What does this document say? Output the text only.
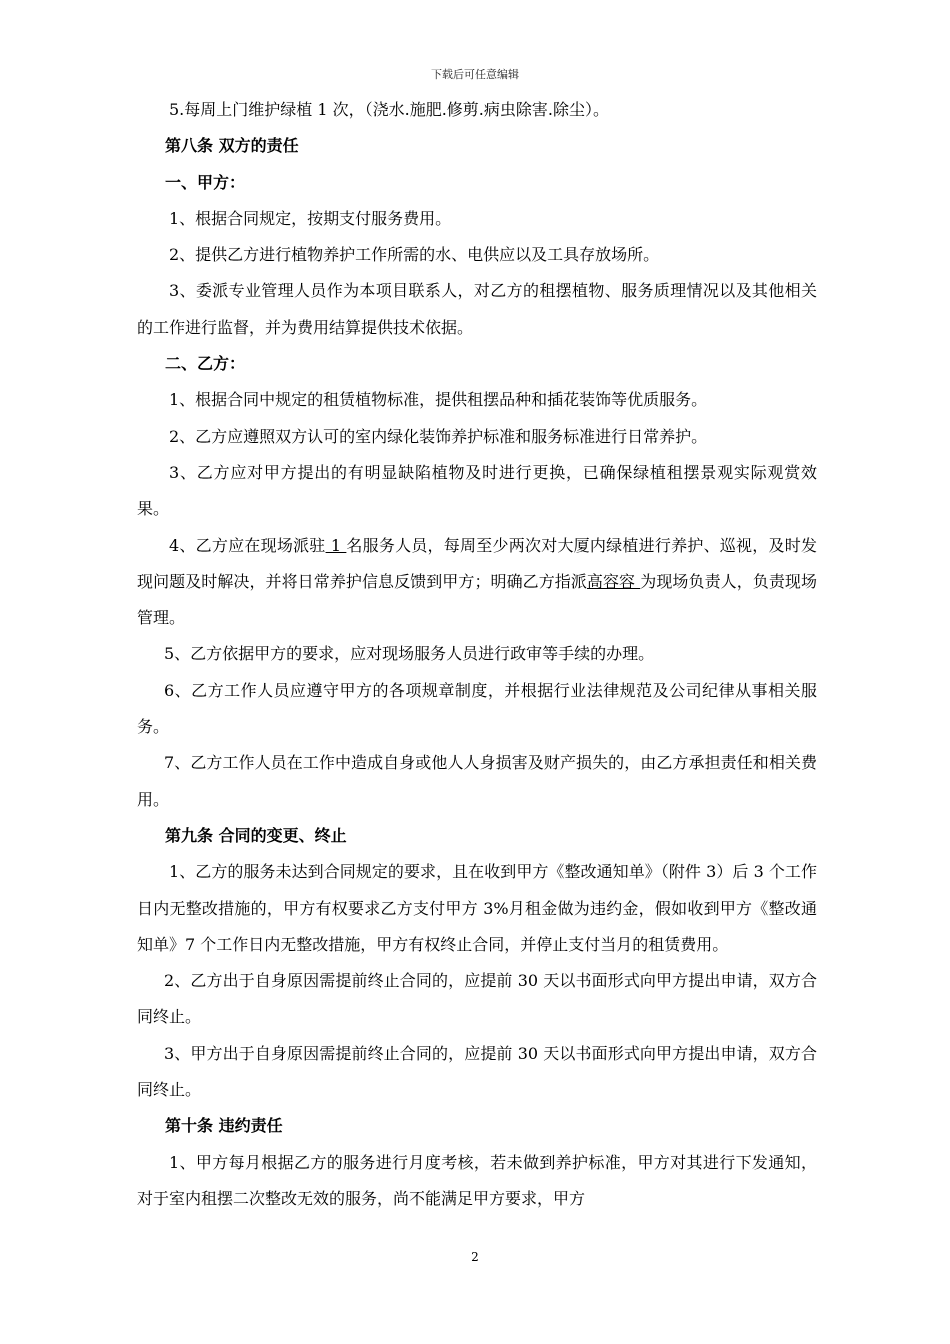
下载后可任意编辑

5.每周上门维护绿植 1 次，（浇水.施肥.修剪.病虫除害.除尘）。

第八条 双方的责任

一、甲方：

1、根据合同规定，按期支付服务费用。

2、提供乙方进行植物养护工作所需的水、电供应以及工具存放场所。

3、委派专业管理人员作为本项目联系人，对乙方的租摆植物、服务质理情况以及其他相关的工作进行监督，并为费用结算提供技术依据。

二、乙方：

1、根据合同中规定的租赁植物标准，提供租摆品种和插花装饰等优质服务。

2、乙方应遵照双方认可的室内绿化装饰养护标准和服务标准进行日常养护。

3、乙方应对甲方提出的有明显缺陷植物及时进行更换，已确保绿植租摆景观实际观赏效果。

4、乙方应在现场派驻 1 名服务人员，每周至少两次对大厦内绿植进行养护、巡视，及时发现问题及时解决，并将日常养护信息反馈到甲方；明确乙方指派高容容 为现场负责人，负责现场管理。

5、乙方依据甲方的要求，应对现场服务人员进行政审等手续的办理。

6、乙方工作人员应遵守甲方的各项规章制度，并根据行业法律规范及公司纪律从事相关服务。

7、乙方工作人员在工作中造成自身或他人人身损害及财产损失的，由乙方承担责任和相关费用。

第九条 合同的变更、终止

1、乙方的服务未达到合同规定的要求，且在收到甲方《整改通知单》（附件 3）后 3 个工作日内无整改措施的，甲方有权要求乙方支付甲方 3%月租金做为违约金，假如收到甲方《整改通知单》7 个工作日内无整改措施，甲方有权终止合同，并停止支付当月的租赁费用。

2、乙方出于自身原因需提前终止合同的，应提前 30 天以书面形式向甲方提出申请，双方合同终止。

3、甲方出于自身原因需提前终止合同的，应提前 30 天以书面形式向甲方提出申请，双方合同终止。

第十条 违约责任

1、甲方每月根据乙方的服务进行月度考核，若未做到养护标准，甲方对其进行下发通知，对于室内租摆二次整改无效的服务，尚不能满足甲方要求，甲方

2
